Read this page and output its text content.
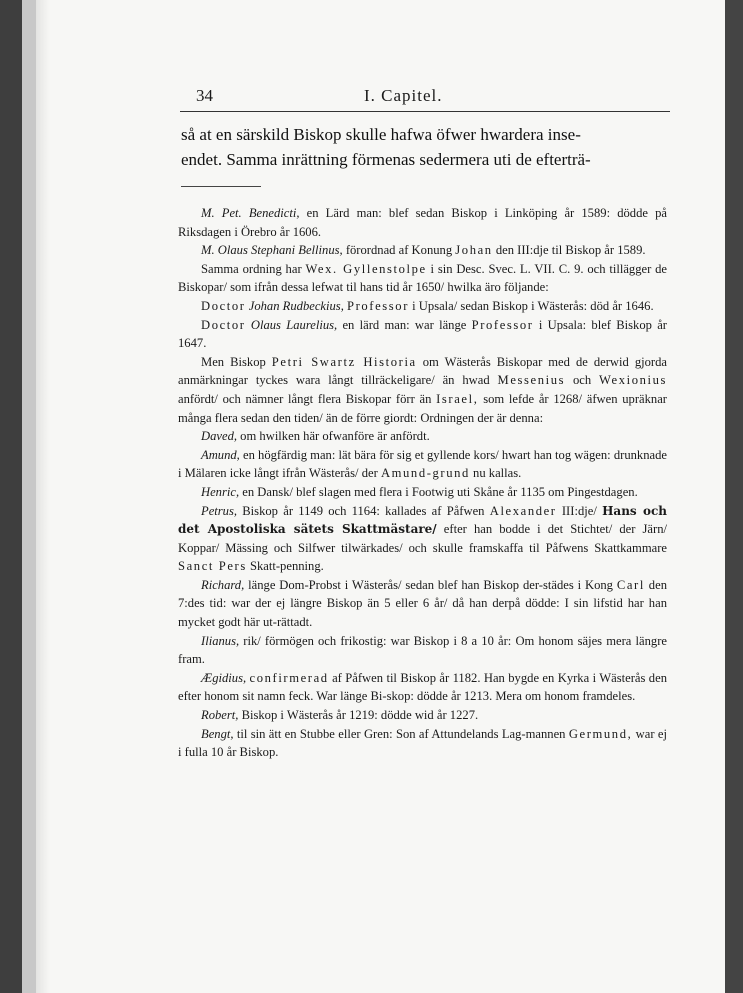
34	I. Capitel.
så at en särskild Biskop skulle hafwa öfwer hwardera inse-
endet. Samma inrättning förmenas sedermera uti de efterträ-

M. Pet. Benedicti, en Lärd man: blef sedan Biskop i Linköping år 1589: dödde på Riksdagen i Örebro år 1606.

M. Olaus Stephani Bellinus, förordnad af Konung Johan den III:dje til Biskop år 1589.

Samma ordning har Wex. Gyllenstolpe i sin Desc. Svec. L. VII. C. 9. och tillägger de Biskopar/ som ifrån dessa lefwat til hans tid år 1650/ hwilka äro följande:

Doctor Johan Rudbeckius, Professor i Upsala/ sedan Biskop i Wästerås: död år 1646.

Doctor Olaus Laurelius, en lärd man: war länge Professor i Upsala: blef Biskop år 1647.

Men Biskop Petri Swartz Historia om Wästerås Biskopar med de derwid gjorda anmärkningar tyckes wara långt tillräckeligare/ än hwad Messenius och Wexionius anfördt/ och nämner långt flera Biskopar förr än Israel, som lefde år 1268/ äfwen upräknar många flera sedan den tiden/ än de förre giordt: Ordningen der är denna:

Daved, om hwilken här ofwanföre är anfördt.

Amund, en högfärdig man: lät bära för sig et gyllende kors/ hwart han tog wägen: drunknade i Mälaren icke långt ifrån Wästerås/ der Amund-grund nu kallas.

Henric, en Dansk/ blef slagen med flera i Footwig uti Skåne år 1135 om Pingestdagen.

Petrus, Biskop år 1149 och 1164: kallades af Påfwen Alexander III:dje/ Hans och det Apostoliska sätets Skattmästare/ efter han bodde i det Stichtet/ der Järn/ Koppar/ Mässing och Silfwer tilwärkades/ och skulle framskaffa til Påfwens Skattkammare Sanct Pers Skatt-penning.

Richard, länge Dom-Probst i Wästerås/ sedan blef han Biskop der-städes i Kong Carl den 7:des tid: war der ej längre Biskop än 5 eller 6 år/ då han derpå dödde: I sin lifstid har han mycket godt här ut-rättadt.

Ilianus, rik/ förmögen och frikostig: war Biskop i 8 a 10 år: Om honom säjes mera längre fram.

Ægidius, confirmerad af Påfwen til Biskop år 1182. Han bygde en Kyrka i Wästerås den efter honom sit namn feck. War länge Bi-skop: dödde år 1213. Mera om honom framdeles.

Robert, Biskop i Wästerås år 1219: dödde wid år 1227.

Bengt, til sin ätt en Stubbe eller Gren: Son af Attundelands Lag-mannen Germund, war ej i fulla 10 år Biskop.
